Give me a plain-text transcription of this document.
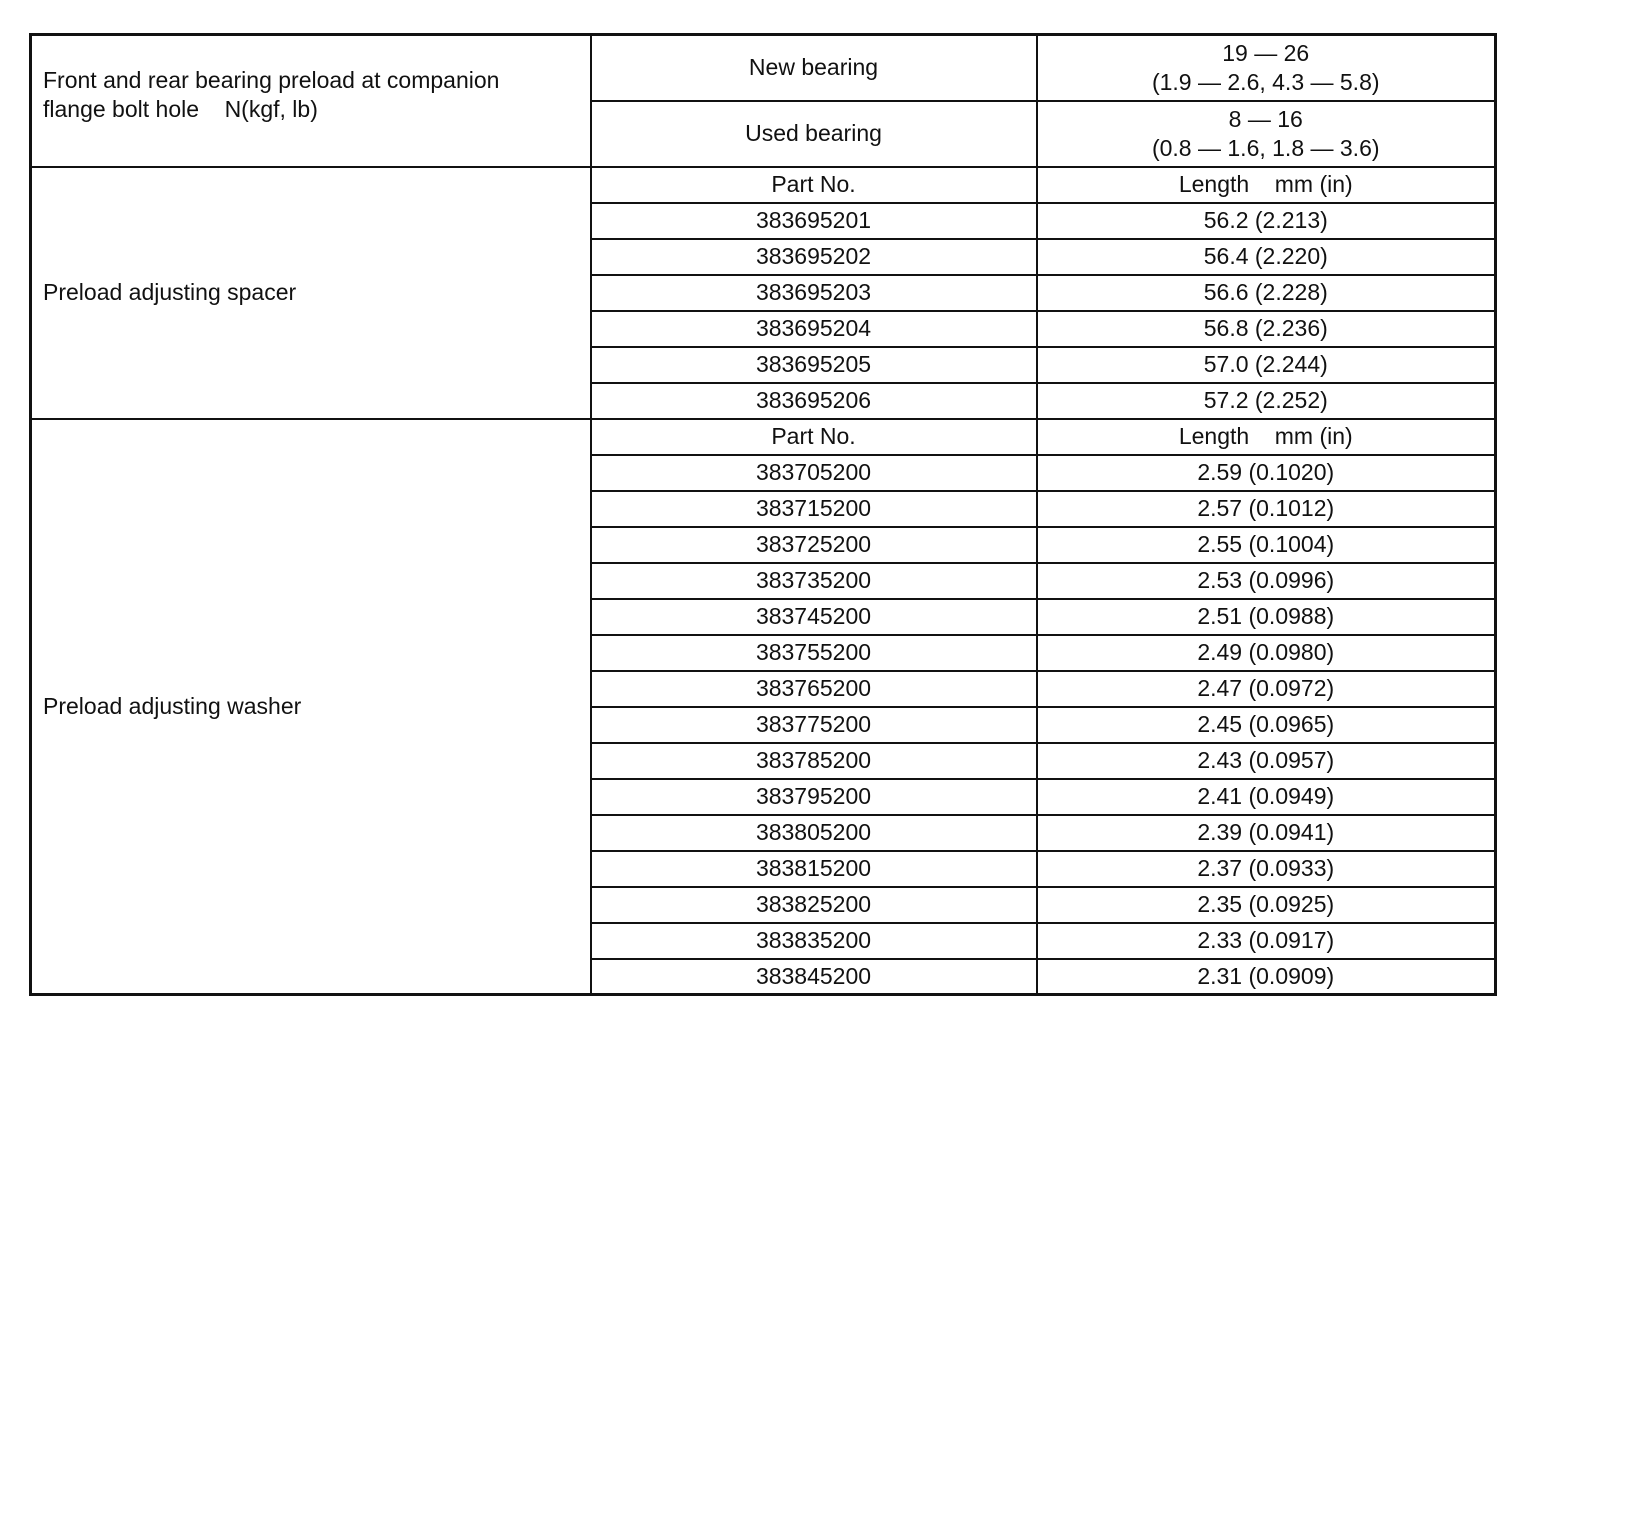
Front and rear bearing preload at companion
flange bolt hole    N(kgf, lb)	New bearing	19 — 26
(1.9 — 2.6, 4.3 — 5.8)

	Used bearing	8 — 16
(0.8 — 1.6, 1.8 — 3.6)

Preload adjusting spacer	Part No.	Length    mm (in)
	383695201	56.2 (2.213)
	383695202	56.4 (2.220)
	383695203	56.6 (2.228)
	383695204	56.8 (2.236)
	383695205	57.0 (2.244)
	383695206	57.2 (2.252)
Preload adjusting washer	Part No.	Length    mm (in)
	383705200	2.59 (0.1020)
	383715200	2.57 (0.1012)
	383725200	2.55 (0.1004)
	383735200	2.53 (0.0996)
	383745200	2.51 (0.0988)
	383755200	2.49 (0.0980)
	383765200	2.47 (0.0972)
	383775200	2.45 (0.0965)
	383785200	2.43 (0.0957)
	383795200	2.41 (0.0949)
	383805200	2.39 (0.0941)
	383815200	2.37 (0.0933)
	383825200	2.35 (0.0925)
	383835200	2.33 (0.0917)
	383845200	2.31 (0.0909)
